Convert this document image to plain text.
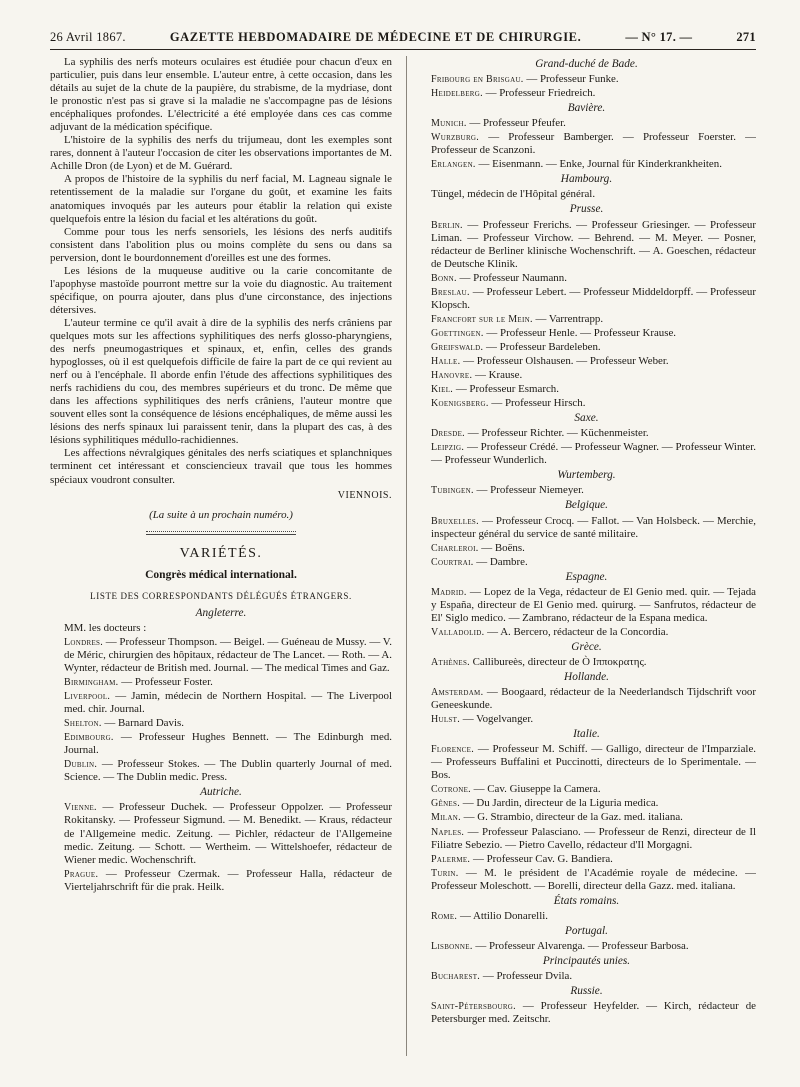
26 Avril 1867.	GAZETTE HEBDOMADAIRE DE MÉDECINE ET DE CHIRURGIE.	— N° 17. —	271

La syphilis des nerfs moteurs oculaires est étudiée pour chacun d'eux en particulier, puis dans leur ensemble. L'auteur entre, à cette occasion, dans les détails au sujet de la chute de la paupière, du strabisme, de la mydriase, dont le pronostic n'est pas si grave si la maladie ne s'accompagne pas de lésions encéphaliques profondes. L'électricité a été employée dans ces cas comme adjuvant de la médication spécifique.

L'histoire de la syphilis des nerfs du trijumeau, dont les exemples sont rares, donnent à l'auteur l'occasion de citer les observations importantes de M. Achille Dron (de Lyon) et de M. Guérard.

A propos de l'histoire de la syphilis du nerf facial, M. Lagneau signale le retentissement de la maladie sur l'organe du goût, et examine les faits anatomiques invoqués par les auteurs pour établir la relation qui existe quelquefois entre la lésion du facial et les altérations du goût.

Comme pour tous les nerfs sensoriels, les lésions des nerfs auditifs consistent dans l'abolition plus ou moins complète du sens ou dans sa perversion, dont le bourdonnement d'oreilles est une des formes.

Les lésions de la muqueuse auditive ou la carie concomitante de l'apophyse mastoïde pourront mettre sur la voie du diagnostic. Au traitement spécifique, on pourra ajouter, dans plus d'une circonstance, des injections détersives.

L'auteur termine ce qu'il avait à dire de la syphilis des nerfs crâniens par quelques mots sur les affections syphilitiques des nerfs glosso-pharyngiens, des nerfs pneumogastriques et spinaux, et, enfin, celles des grands hypoglosses, où il est quelquefois difficile de faire la part de ce qui revient au nerf ou à l'encéphale. Il aborde enfin l'étude des affections syphilitiques des nerfs rachidiens du cou, des membres supérieurs et du tronc. De même que dans les affections syphilitiques des nerfs crâniens, l'auteur montre que souvent elles sont la conséquence de lésions encéphaliques, de même aussi les lésions des nerfs spinaux lui paraissent tenir, dans la plupart des cas, à des lésions syphilitiques médullo-rachidiennes.

Les affections névralgiques génitales des nerfs sciatiques et splanchniques terminent cet intéressant et consciencieux travail que tous les hommes spéciaux voudront consulter.

VIENNOIS.
(La suite à un prochain numéro.)
VARIÉTÉS.
Congrès médical international.
LISTE DES CORRESPONDANTS DÉLÉGUÉS ÉTRANGERS.
Angleterre.
MM. les docteurs :
Londres. — Professeur Thompson. — Beigel. — Guéneau de Mussy. — V. de Méric, chirurgien des hôpitaux, rédacteur de The Lancet. — Roth. — A. Wynter, rédacteur de British med. Journal. — The medical Times and Gaz.
Birmingham. — Professeur Foster.
Liverpool. — Jamin, médecin de Northern Hospital. — The Liverpool med. chir. Journal.
Shelton. — Barnard Davis.
Edimbourg. — Professeur Hughes Bennett. — The Edinburgh med. Journal.
Dublin. — Professeur Stokes. — The Dublin quarterly Journal of med. Science. — The Dublin medic. Press.
Autriche.
Vienne. — Professeur Duchek. — Professeur Oppolzer. — Professeur Rokitansky. — Professeur Sigmund. — M. Benedikt. — Kraus, rédacteur de l'Allgemeine medic. Zeitung. — Pichler, rédacteur de l'Allgemeine medic. Zeitung. — Schott. — Wertheim. — Wittelshoefer, rédacteur de Wiener medic. Wochenschrift.
Prague. — Professeur Czermak. — Professeur Halla, rédacteur de Vierteljahrschrift für die prak. Heilk.
Grand-duché de Bade.
Fribourg en Brisgau. — Professeur Funke.
Heidelberg. — Professeur Friedreich.
Bavière.
Munich. — Professeur Pfeufer.
Wurzburg. — Professeur Bamberger. — Professeur Foerster. — Professeur de Scanzoni.
Erlangen. — Eisenmann. — Enke, Journal für Kinderkrankheiten.
Hambourg.
Tüngel, médecin de l'Hôpital général.
Prusse.
Berlin. — Professeur Frerichs. — Professeur Griesinger. — Professeur Liman. — Professeur Virchow. — Behrend. — M. Meyer. — Posner, rédacteur de Berliner klinische Wochenschrift. — A. Goeschen, rédacteur de Deutsche Klinik.
Bonn. — Professeur Naumann.
Breslau. — Professeur Lebert. — Professeur Middeldorpff. — Professeur Klopsch.
Francfort sur le Mein. — Varrentrapp.
Goettingen. — Professeur Henle. — Professeur Krause.
Greifswald. — Professeur Bardeleben.
Halle. — Professeur Olshausen. — Professeur Weber.
Hanovre. — Krause.
Kiel. — Professeur Esmarch.
Koenigsberg. — Professeur Hirsch.
Saxe.
Dresde. — Professeur Richter. — Küchenmeister.
Leipzig. — Professeur Crédé. — Professeur Wagner. — Professeur Winter. — Professeur Wunderlich.
Wurtemberg.
Tubingen. — Professeur Niemeyer.
Belgique.
Bruxelles. — Professeur Crocq. — Fallot. — Van Holsbeck. — Merchie, inspecteur général du service de santé militaire.
Charleroi. — Boëns.
Courtrai. — Dambre.
Espagne.
Madrid. — Lopez de la Vega, rédacteur de El Genio med. quir. — Tejada y España, directeur de El Genio med. quirurg. — Sanfrutos, rédacteur de El' Siglo medico. — Zambrano, rédacteur de la Espana medica.
Valladolid. — A. Bercero, rédacteur de la Concordia.
Grèce.
Athènes. Callibureès, directeur de Ò Ιπποκρατης.
Hollande.
Amsterdam. — Boogaard, rédacteur de la Neederlandsch Tijdschrift voor Geneeskunde.
Hulst. — Vogelvanger.
Italie.
Florence. — Professeur M. Schiff. — Galligo, directeur de l'Imparziale. — Professeurs Buffalini et Puccinotti, directeurs de lo Sperimentale. — Bos.
Cotrone. — Cav. Giuseppe la Camera.
Gênes. — Du Jardin, directeur de la Liguria medica.
Milan. — G. Strambio, directeur de la Gaz. med. italiana.
Naples. — Professeur Palasciano. — Professeur de Renzi, directeur de Il Filiatre Sebezio. — Pietro Cavello, rédacteur d'Il Morgagni.
Palerme. — Professeur Cav. G. Bandiera.
Turin. — M. le président de l'Académie royale de médecine. — Professeur Moleschott. — Borelli, directeur della Gazz. med. italiana.
États romains.
Rome. — Attilio Donarelli.
Portugal.
Lisbonne. — Professeur Alvarenga. — Professeur Barbosa.
Principautés unies.
Bucharest. — Professeur Dvila.
Russie.
Saint-Pétersbourg. — Professeur Heyfelder. — Kirch, rédacteur de Petersburger med. Zeitschr.
